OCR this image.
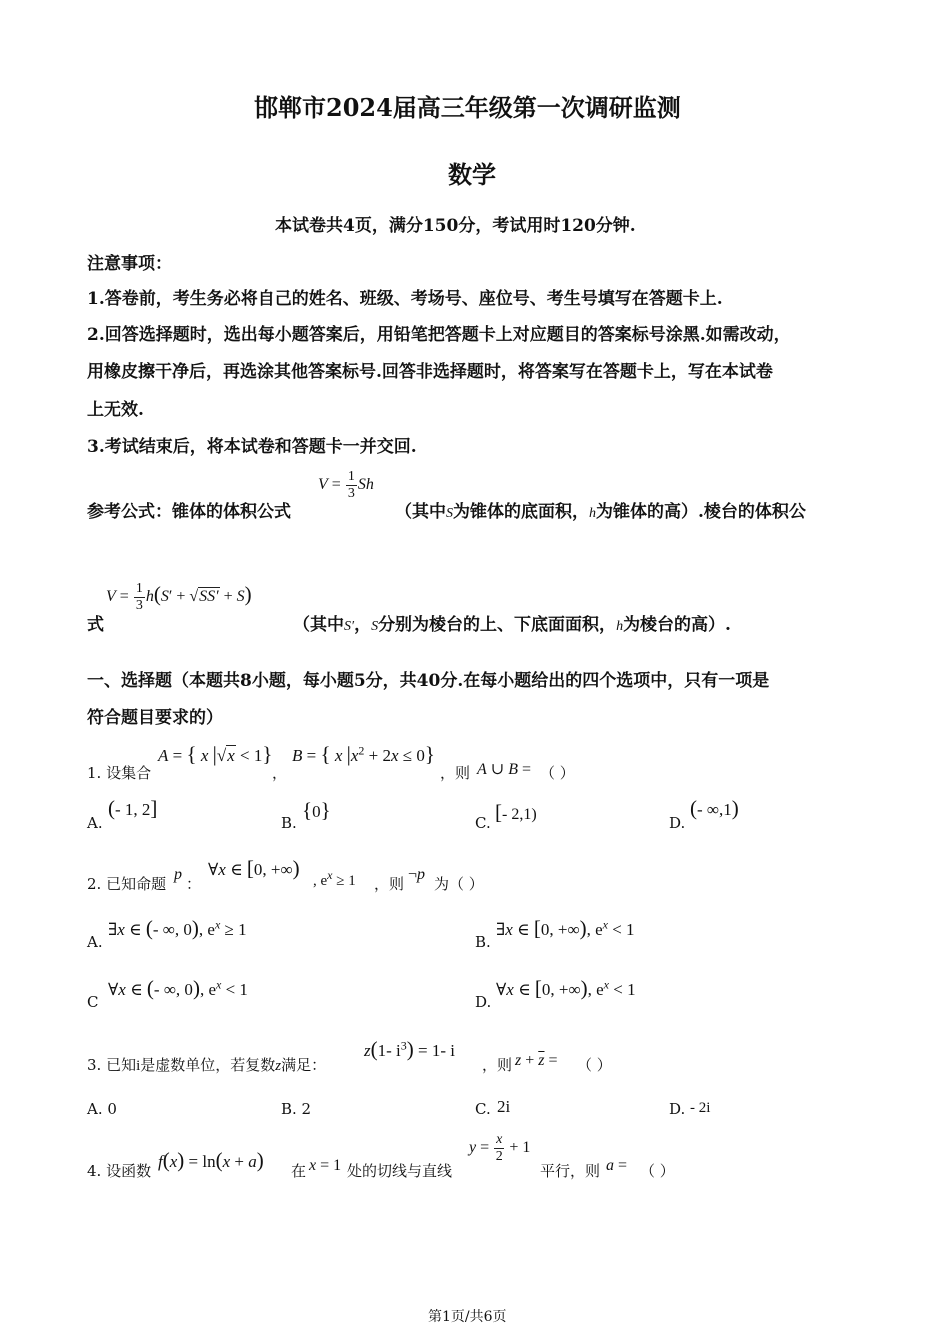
邯郸市2024届高三年级第一次调研监测
数学
本试卷共4页，满分150分，考试用时120分钟.
注意事项：
1.答卷前，考生务必将自己的姓名、班级、考场号、座位号、考生号填写在答题卡上.
2.回答选择题时，选出每小题答案后，用铅笔把答题卡上对应题目的答案标号涂黑.如需改动，
用橡皮擦干净后，再选涂其他答案标号.回答非选择题时，将答案写在答题卡上，写在本试卷
上无效.
3.考试结束后，将本试卷和答题卡一并交回.
参考公式：锥体的体积公式
$V = \frac{1}{3}$ Sh
（其中S为锥体的底面积，h为锥体的高）.棱台的体积公
式
$V = \frac{1}{3} h(S' + √SS' + S)$
（其中S′，S分别为棱台的上、下底面面积，h为棱台的高）.
一、选择题（本题共8小题，每小题5分，共40分.在每小题给出的四个选项中，只有一项是
符合题目要求的）
1. 设集合
A = { x |√x < 1}
，
B = { x $|x^2 + 2x \le 0$}
，则 A ∪ B = （ ）
A.
(- 1, 2]
B.
{0}
C. [- 2,1)	D.
(- ∞,1)
2. 已知命题
p
：
∀x ∈ [0, +∞)
, $e^x \ge 1$ ，则
¬p
为（ ）
A.
∃x ∈ (- ∞, 0), $e^x \ge 1$
B.
∃x ∈ [0, +∞), $e^x < 1$
C
∀x ∈ (- ∞, 0), $e^x < 1$
D.
∀x ∈ [0, +∞), $e^x < 1$
3. 已知i是虚数单位，若复数z满足：
z(1- $i^3) = 1-$ i
，则 $z + \overline{z}$ = （ ）
A. 0	B. 2	C. 2i	D. - 2i
4. 设函数 f(x) = ln(x + a) 在 x = 1 处的切线与直线
$y = \frac{x}{2} + 1$
平行，则 a = （ ）
第1页/共6页
